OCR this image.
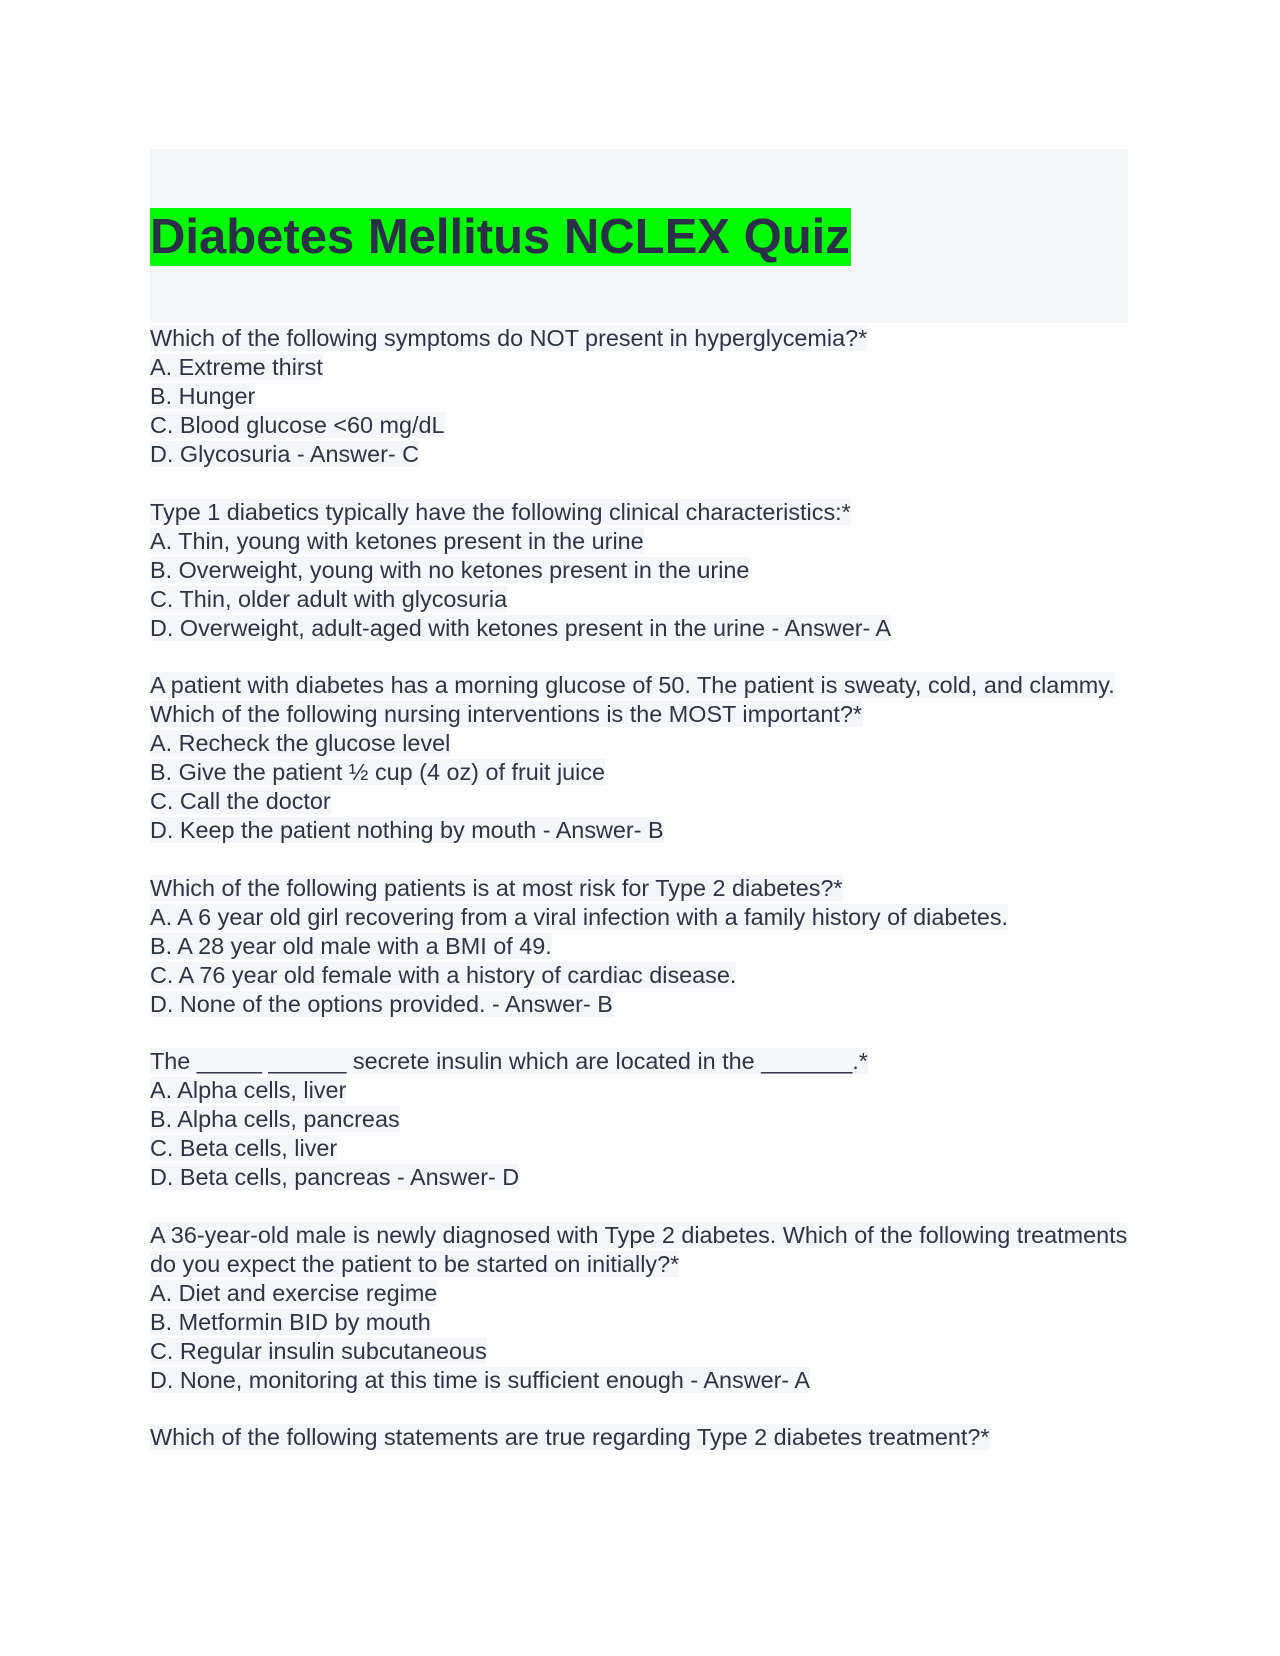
Diabetes Mellitus NCLEX Quiz
Which of the following symptoms do NOT present in hyperglycemia?*
A. Extreme thirst
B. Hunger
C. Blood glucose <60 mg/dL
D. Glycosuria - Answer- C
Type 1 diabetics typically have the following clinical characteristics:*
A. Thin, young with ketones present in the urine
B. Overweight, young with no ketones present in the urine
C. Thin, older adult with glycosuria
D. Overweight, adult-aged with ketones present in the urine - Answer- A
A patient with diabetes has a morning glucose of 50. The patient is sweaty, cold, and clammy. Which of the following nursing interventions is the MOST important?*
A. Recheck the glucose level
B. Give the patient ½ cup (4 oz) of fruit juice
C. Call the doctor
D. Keep the patient nothing by mouth - Answer- B
Which of the following patients is at most risk for Type 2 diabetes?*
A. A 6 year old girl recovering from a viral infection with a family history of diabetes.
B. A 28 year old male with a BMI of 49.
C. A 76 year old female with a history of cardiac disease.
D. None of the options provided. - Answer- B
The _____ ______ secrete insulin which are located in the _______.*
A. Alpha cells, liver
B. Alpha cells, pancreas
C. Beta cells, liver
D. Beta cells, pancreas - Answer- D
A 36-year-old male is newly diagnosed with Type 2 diabetes. Which of the following treatments do you expect the patient to be started on initially?*
A. Diet and exercise regime
B. Metformin BID by mouth
C. Regular insulin subcutaneous
D. None, monitoring at this time is sufficient enough - Answer- A
Which of the following statements are true regarding Type 2 diabetes treatment?*
